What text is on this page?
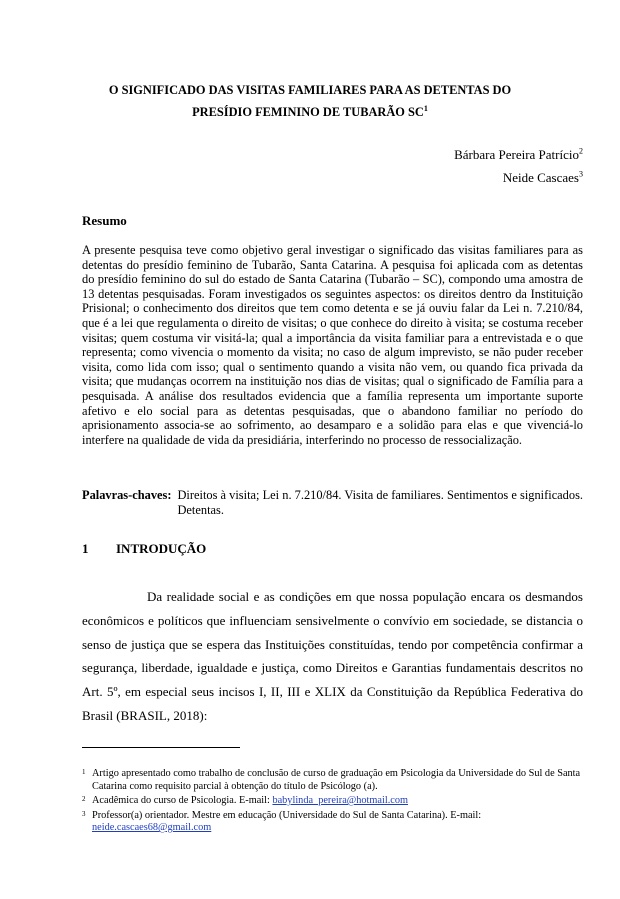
O SIGNIFICADO DAS VISITAS FAMILIARES PARA AS DETENTAS DO
PRESÍDIO FEMININO DE TUBARÃO $SC^1$
Bárbara Pereira Patrício$^2$
Neide Cascaes$^3$
Resumo
A presente pesquisa teve como objetivo geral investigar o significado das visitas familiares para as detentas do presídio feminino de Tubarão, Santa Catarina. A pesquisa foi aplicada com as detentas do presídio feminino do sul do estado de Santa Catarina (Tubarão – SC), compondo uma amostra de 13 detentas pesquisadas. Foram investigados os seguintes aspectos: os direitos dentro da Instituição Prisional; o conhecimento dos direitos que tem como detenta e se já ouviu falar da Lei n. 7.210/84, que é a lei que regulamenta o direito de visitas; o que conhece do direito à visita; se costuma receber visitas; quem costuma vir visitá-la; qual a importância da visita familiar para a entrevistada e o que representa; como vivencia o momento da visita; no caso de algum imprevisto, se não puder receber visita, como lida com isso; qual o sentimento quando a visita não vem, ou quando fica privada da visita; que mudanças ocorrem na instituição nos dias de visitas; qual o significado de Família para a pesquisada. A análise dos resultados evidencia que a família representa um importante suporte afetivo e elo social para as detentas pesquisadas, que o abandono familiar no período do aprisionamento associa-se ao sofrimento, ao desamparo e a solidão para elas e que vivenciá-lo interfere na qualidade de vida da presidiária, interferindo no processo de ressocialização.
Palavras-chaves: Direitos à visita; Lei n. 7.210/84. Visita de familiares. Sentimentos e significados. Detentas.
1 INTRODUÇÃO
Da realidade social e as condições em que nossa população encara os desmandos econômicos e políticos que influenciam sensivelmente o convívio em sociedade, se distancia o senso de justiça que se espera das Instituições constituídas, tendo por competência confirmar a segurança, liberdade, igualdade e justiça, como Direitos e Garantias fundamentais descritos no Art. 5º, em especial seus incisos I, II, III e XLIX da Constituição da República Federativa do Brasil (BRASIL, 2018):
1 Artigo apresentado como trabalho de conclusão de curso de graduação em Psicologia da Universidade do Sul de Santa Catarina como requisito parcial à obtenção do título de Psicólogo (a).
2 Acadêmica do curso de Psicologia. E-mail: babylinda_pereira@hotmail.com
3 Professor(a) orientador. Mestre em educação (Universidade do Sul de Santa Catarina). E-mail: neide.cascaes68@gmail.com
